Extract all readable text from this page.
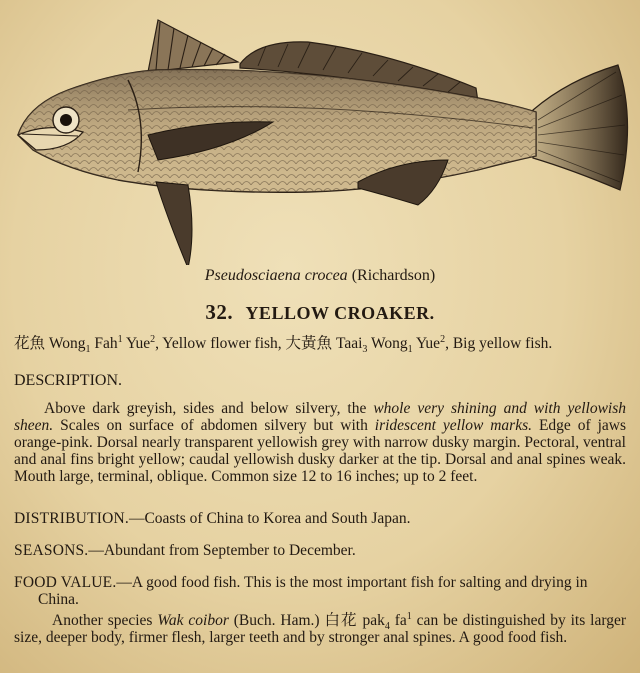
Pseudosciaena crocea (Richardson)
32. YELLOW CROAKER.
花魚 Wong$_1$ Fah$^1$ Yue$^2$, Yellow flower fish, 大黃魚 Taai$_3$ Wong$_1$ Yue$^2$, Big yellow fish.
DESCRIPTION.
Above dark greyish, sides and below silvery, the whole very shining and with yellowish sheen. Scales on surface of abdomen silvery but with iridescent yellow marks. Edge of jaws orange-pink. Dorsal nearly transparent yellowish grey with narrow dusky margin. Pectoral, ventral and anal fins bright yellow; caudal yellowish dusky darker at the tip. Dorsal and anal spines weak. Mouth large, terminal, oblique. Common size 12 to 16 inches; up to 2 feet.
DISTRIBUTION.—Coasts of China to Korea and South Japan.
SEASONS.—Abundant from September to December.
FOOD VALUE.—A good food fish. This is the most important fish for salting and drying in China.
Another species Wak coibor (Buch. Ham.) 白花 pak$_4$ $fa^1$ can be distinguished by its larger size, deeper body, firmer flesh, larger teeth and by stronger anal spines. A good food fish.
